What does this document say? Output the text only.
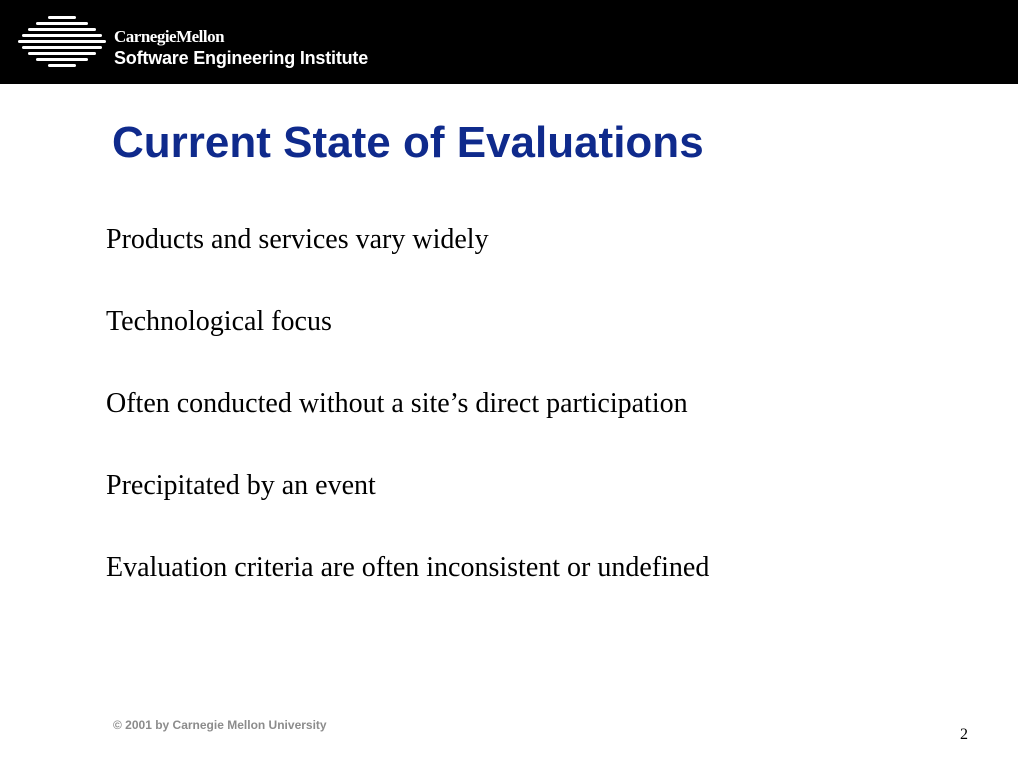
CarnegieMellon
Software Engineering Institute
Current State of Evaluations
Products and services vary widely
Technological focus
Often conducted without a site’s direct participation
Precipitated by an event
Evaluation criteria are often inconsistent or undefined
© 2001 by Carnegie Mellon University
2
